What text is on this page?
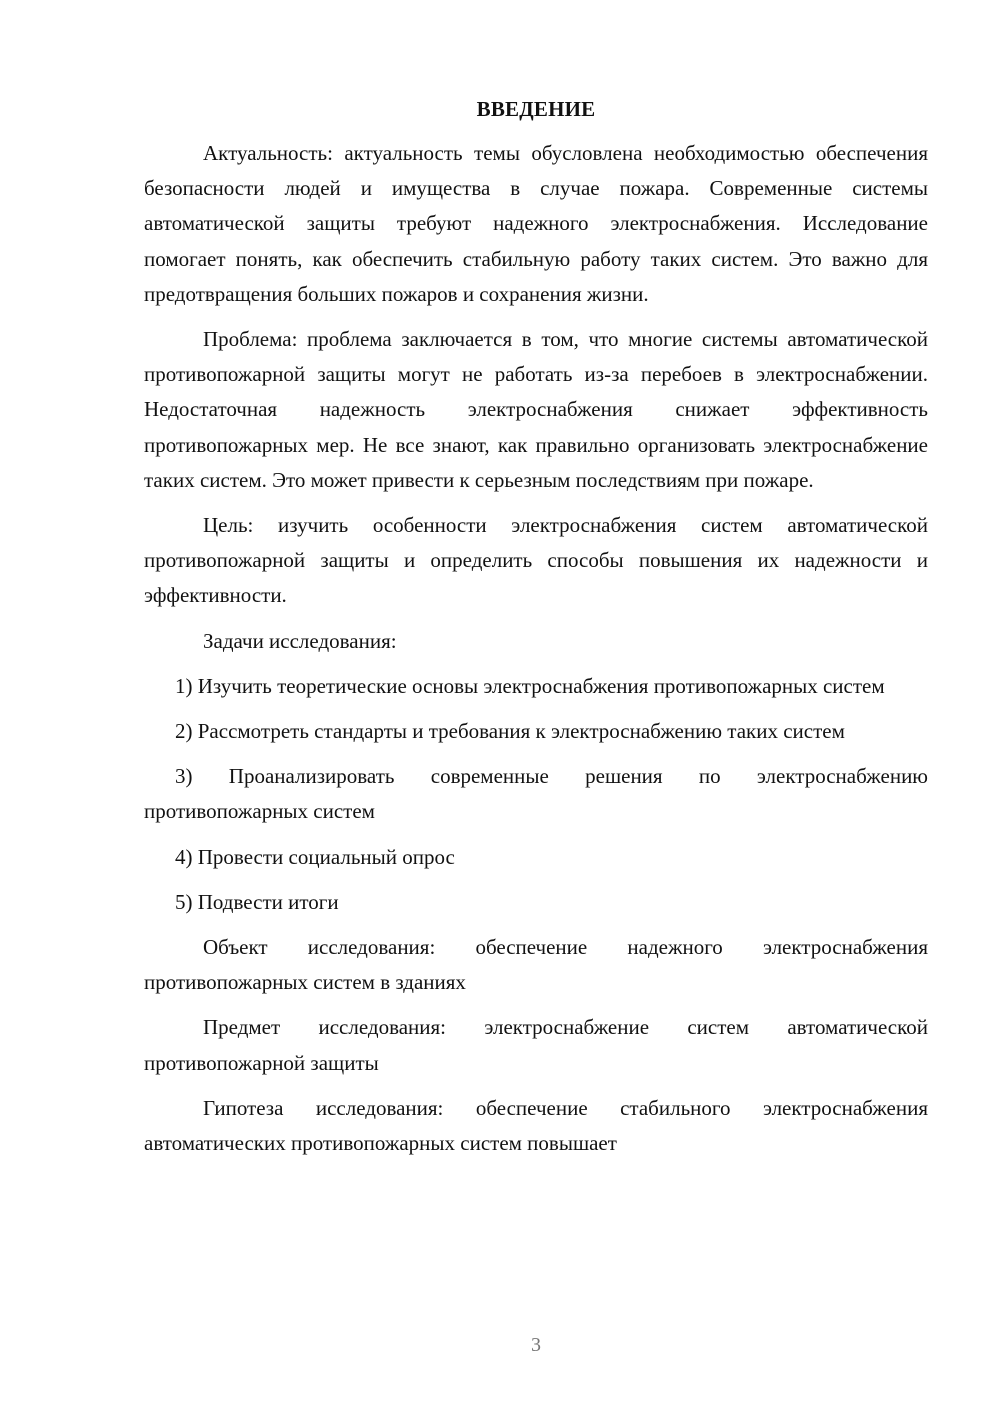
ВВЕДЕНИЕ

Актуальность: актуальность темы обусловлена необходимостью обеспечения безопасности людей и имущества в случае пожара. Современные системы автоматической защиты требуют надежного электроснабжения. Исследование помогает понять, как обеспечить стабильную работу таких систем. Это важно для предотвращения больших пожаров и сохранения жизни.

Проблема: проблема заключается в том, что многие системы автоматической противопожарной защиты могут не работать из-за перебоев в электроснабжении. Недостаточная надежность электроснабжения снижает эффективность противопожарных мер. Не все знают, как правильно организовать электроснабжение таких систем. Это может привести к серьезным последствиям при пожаре.

Цель: изучить особенности электроснабжения систем автоматической противопожарной защиты и определить способы повышения их надежности и эффективности.

Задачи исследования:

1) Изучить теоретические основы электроснабжения противопожарных систем

2) Рассмотреть стандарты и требования к электроснабжению таких систем

3) Проанализировать современные решения по электроснабжению противопожарных систем

4) Провести социальный опрос

5) Подвести итоги

Объект исследования: обеспечение надежного электроснабжения противопожарных систем в зданиях

Предмет исследования: электроснабжение систем автоматической противопожарной защиты

Гипотеза исследования: обеспечение стабильного электроснабжения автоматических противопожарных систем повышает

3
